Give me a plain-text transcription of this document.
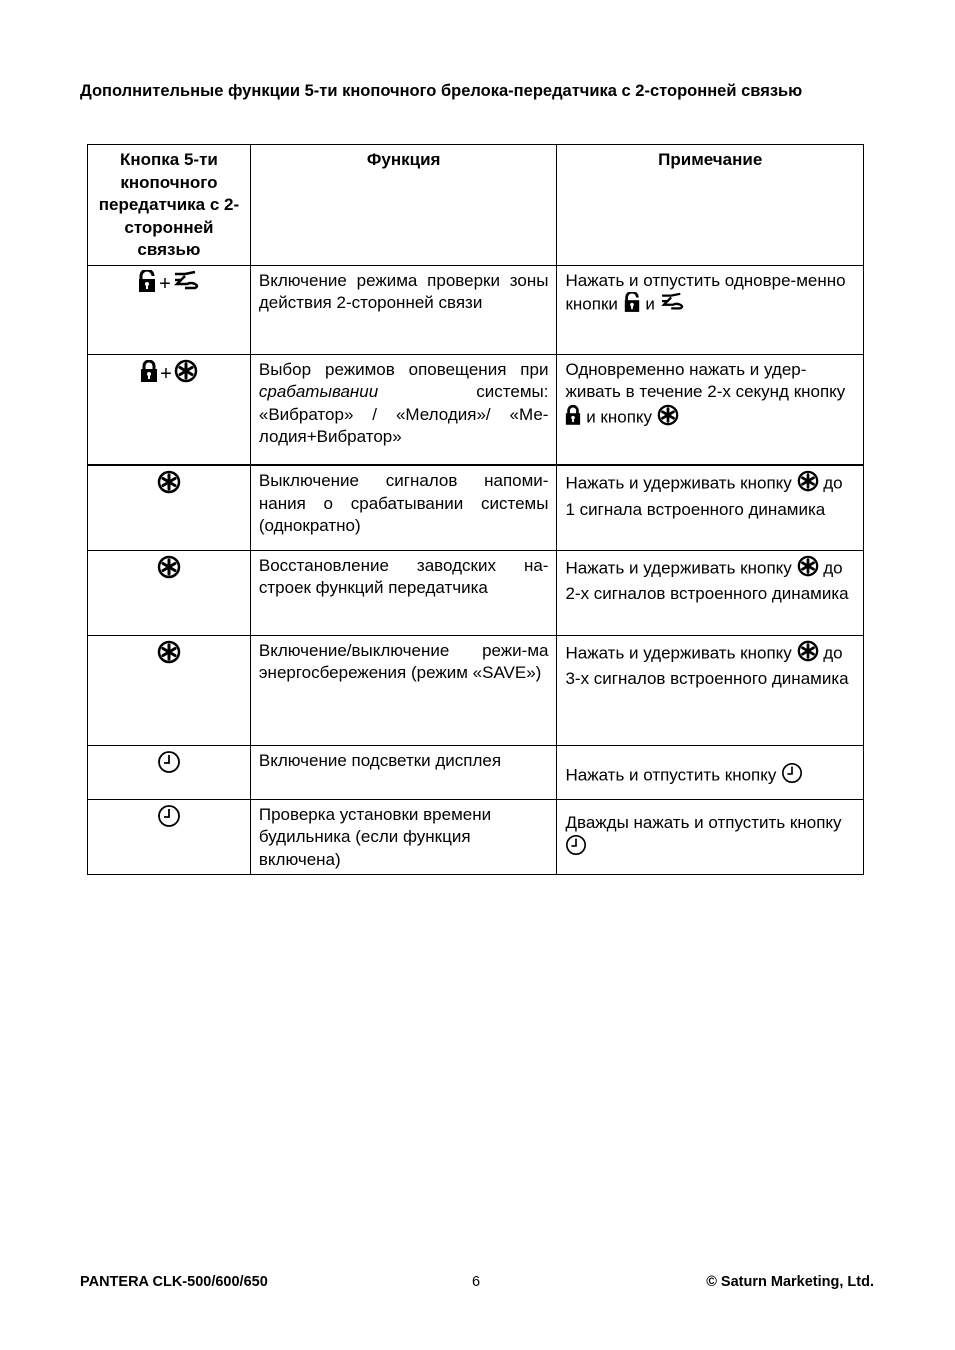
Дополнительные функции 5-ти кнопочного брелока-передатчика с 2-сторонней связью
Кнопка 5-ти кнопочного передатчика с 2-сторонней связью	Функция	Примечание
+	Включение режима проверки зоны действия 2-сторонней связи	Нажать и отпустить одновре-менно кнопки  и
+	Выбор режимов оповещения при срабатывании системы: «Вибратор» / «Мелодия»/ «Ме-лодия+Вибратор»	Одновременно нажать и удер-живать в течение 2-х секунд кнопку  и кнопку
	Выключение сигналов напоми-нания о срабатывании системы (однократно)	Нажать и удерживать кнопку  до 1 сигнала встроенного динамика
	Восстановление заводских на-строек функций передатчика	Нажать и удерживать кнопку  до 2-х сигналов встроенного динамика
	Включение/выключение режи-ма энергосбережения (режим «SAVE»)	Нажать и удерживать кнопку  до 3-х сигналов встроенного динамика
	Включение подсветки дисплея	Нажать и отпустить кнопку
	Проверка установки времени будильника (если функция включена)	Дважды нажать и отпустить кнопку
PANTERA CLK-500/600/650	6	© Saturn Marketing, Ltd.
